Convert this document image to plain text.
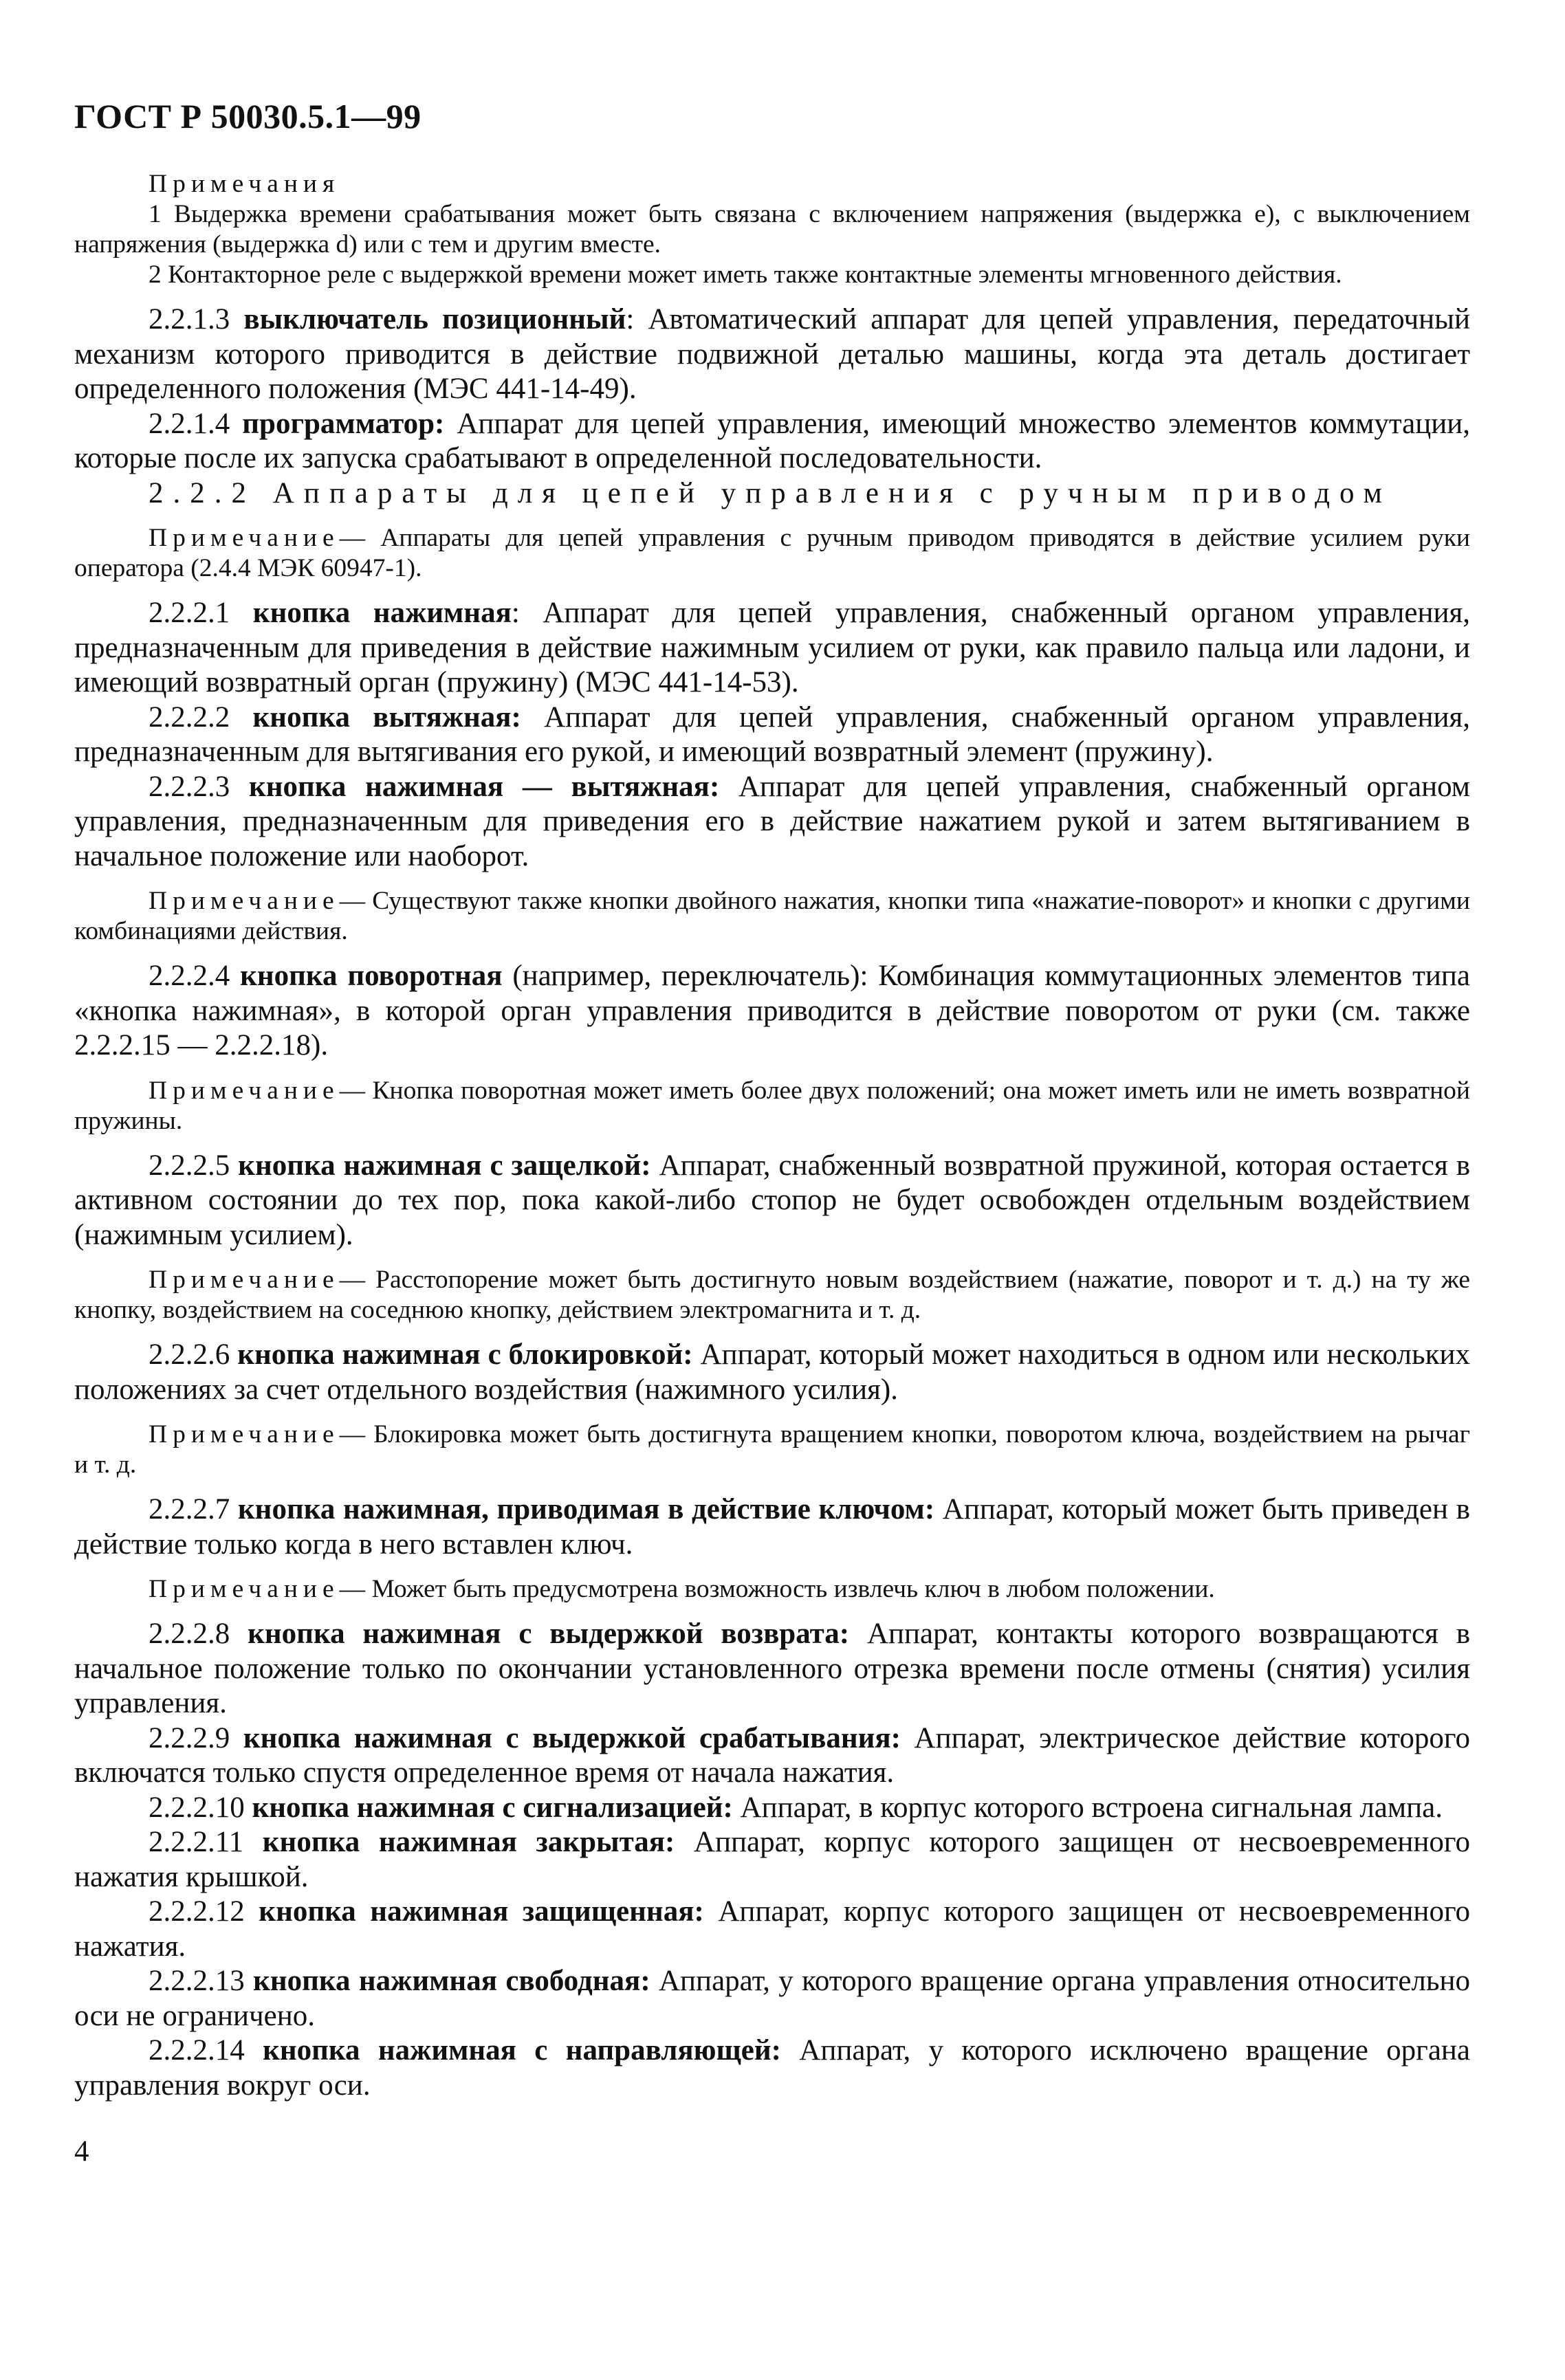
ГОСТ Р 50030.5.1—99
Примечания
1 Выдержка времени срабатывания может быть связана с включением напряжения (выдержка е), с выключением напряжения (выдержка d) или с тем и другим вместе.
2 Контакторное реле с выдержкой времени может иметь также контактные элементы мгновенного действия.

2.2.1.3 выключатель позиционный: Автоматический аппарат для цепей управления, передаточный механизм которого приводится в действие подвижной деталью машины, когда эта деталь достигает определенного положения (МЭС 441-14-49).

2.2.1.4 программатор: Аппарат для цепей управления, имеющий множество элементов коммутации, которые после их запуска срабатывают в определенной последовательности.

2.2.2 Аппараты для цепей управления с ручным приводом

Примечание— Аппараты для цепей управления с ручным приводом приводятся в действие усилием руки оператора (2.4.4 МЭК 60947-1).

2.2.2.1 кнопка нажимная: Аппарат для цепей управления, снабженный органом управления, предназначенным для приведения в действие нажимным усилием от руки, как правило пальца или ладони, и имеющий возвратный орган (пружину) (МЭС 441-14-53).

2.2.2.2 кнопка вытяжная: Аппарат для цепей управления, снабженный органом управления, предназначенным для вытягивания его рукой, и имеющий возвратный элемент (пружину).

2.2.2.3 кнопка нажимная — вытяжная: Аппарат для цепей управления, снабженный органом управления, предназначенным для приведения его в действие нажатием рукой и затем вытягиванием в начальное положение или наоборот.

Примечание— Существуют также кнопки двойного нажатия, кнопки типа «нажатие-поворот» и кнопки с другими комбинациями действия.

2.2.2.4 кнопка поворотная (например, переключатель): Комбинация коммутационных элементов типа «кнопка нажимная», в которой орган управления приводится в действие поворотом от руки (см. также 2.2.2.15 — 2.2.2.18).

Примечание— Кнопка поворотная может иметь более двух положений; она может иметь или не иметь возвратной пружины.

2.2.2.5 кнопка нажимная с защелкой: Аппарат, снабженный возвратной пружиной, которая остается в активном состоянии до тех пор, пока какой-либо стопор не будет освобожден отдельным воздействием (нажимным усилием).

Примечание— Расстопорение может быть достигнуто новым воздействием (нажатие, поворот и т. д.) на ту же кнопку, воздействием на соседнюю кнопку, действием электромагнита и т. д.

2.2.2.6 кнопка нажимная с блокировкой: Аппарат, который может находиться в одном или нескольких положениях за счет отдельного воздействия (нажимного усилия).

Примечание— Блокировка может быть достигнута вращением кнопки, поворотом ключа, воздействием на рычаг и т. д.

2.2.2.7 кнопка нажимная, приводимая в действие ключом: Аппарат, который может быть приведен в действие только когда в него вставлен ключ.

Примечание— Может быть предусмотрена возможность извлечь ключ в любом положении.

2.2.2.8 кнопка нажимная с выдержкой возврата: Аппарат, контакты которого возвращаются в начальное положение только по окончании установленного отрезка времени после отмены (снятия) усилия управления.

2.2.2.9 кнопка нажимная с выдержкой срабатывания: Аппарат, электрическое действие которого включатся только спустя определенное время от начала нажатия.

2.2.2.10 кнопка нажимная с сигнализацией: Аппарат, в корпус которого встроена сигнальная лампа.

2.2.2.11 кнопка нажимная закрытая: Аппарат, корпус которого защищен от несвоевременного нажатия крышкой.

2.2.2.12 кнопка нажимная защищенная: Аппарат, корпус которого защищен от несвоевременного нажатия.

2.2.2.13 кнопка нажимная свободная: Аппарат, у которого вращение органа управления относительно оси не ограничено.

2.2.2.14 кнопка нажимная с направляющей: Аппарат, у которого исключено вращение органа управления вокруг оси.

4
